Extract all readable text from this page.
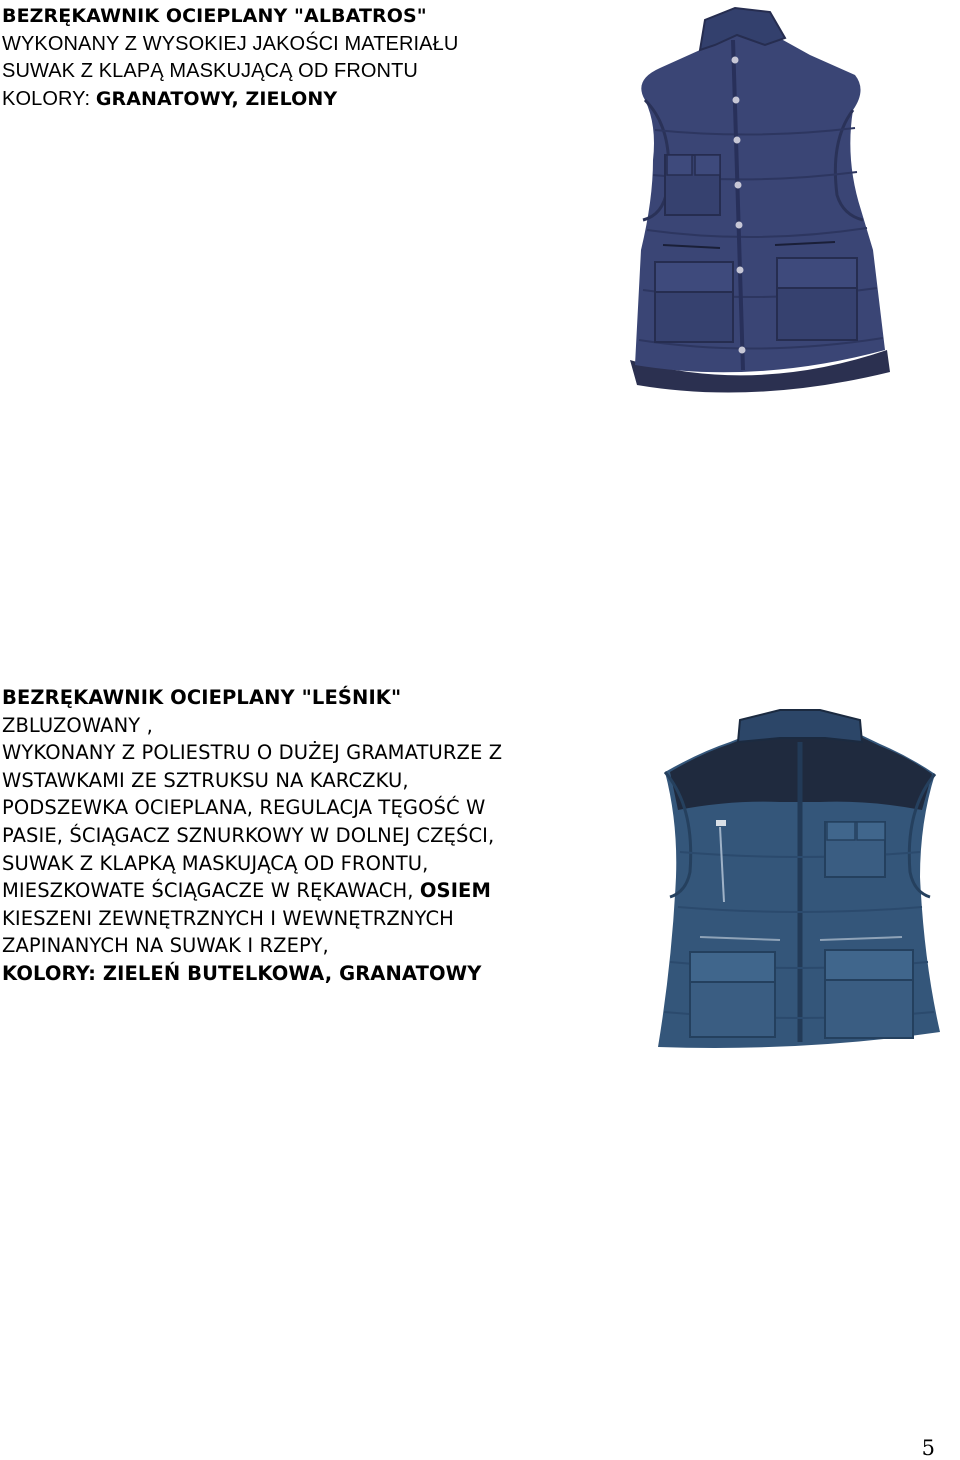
BEZRĘKAWNIK OCIEPLANY "ALBATROS"
WYKONANY Z WYSOKIEJ JAKOŚCI MATERIAŁU
SUWAK Z KLAPĄ MASKUJĄCĄ OD FRONTU
KOLORY: GRANATOWY, ZIELONY
BEZRĘKAWNIK OCIEPLANY "LEŚNIK"
ZBLUZOWANY ,
WYKONANY Z POLIESTRU O DUŻEJ GRAMATURZE Z
WSTAWKAMI ZE SZTRUKSU NA KARCZKU,
PODSZEWKA OCIEPLANA, REGULACJA TĘGOŚĆ W
PASIE, ŚCIĄGACZ SZNURKOWY W DOLNEJ CZĘŚCI,
SUWAK Z KLAPKĄ MASKUJĄCĄ OD FRONTU,
MIESZKOWATE ŚCIĄGACZE W RĘKAWACH, OSIEM
KIESZENI ZEWNĘTRZNYCH I WEWNĘTRZNYCH
ZAPINANYCH NA SUWAK I RZEPY,
KOLORY: ZIELEŃ BUTELKOWA, GRANATOWY
5
